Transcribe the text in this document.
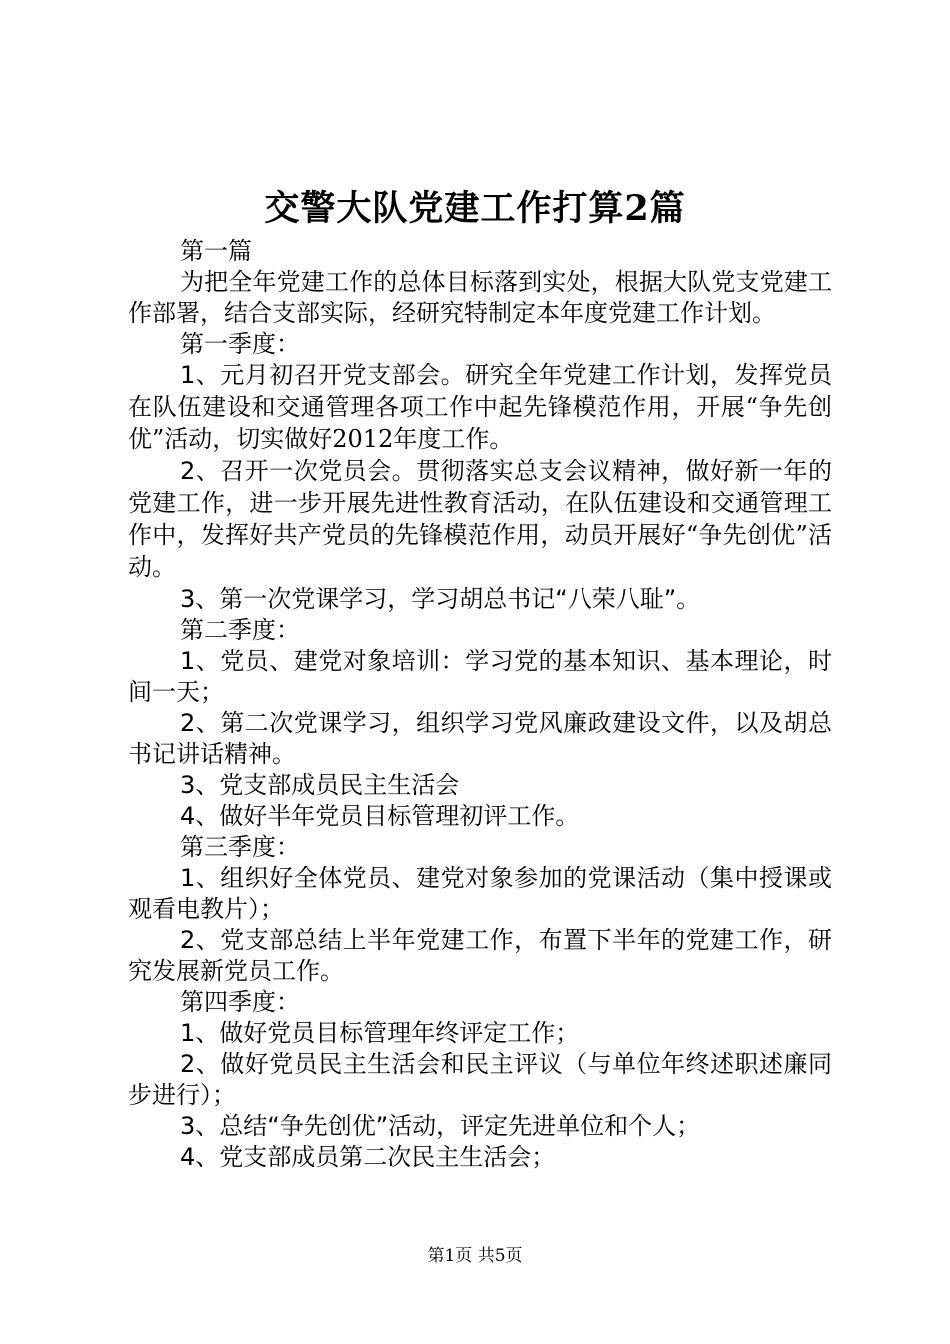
交警大队党建工作打算2篇

第一篇

为把全年党建工作的总体目标落到实处，根据大队党支党建工作部署，结合支部实际，经研究特制定本年度党建工作计划。

第一季度：

1、元月初召开党支部会。研究全年党建工作计划，发挥党员在队伍建设和交通管理各项工作中起先锋模范作用，开展“争先创优”活动，切实做好2012年度工作。

2、召开一次党员会。贯彻落实总支会议精神，做好新一年的党建工作，进一步开展先进性教育活动，在队伍建设和交通管理工作中，发挥好共产党员的先锋模范作用，动员开展好“争先创优”活动。

3、第一次党课学习，学习胡总书记“八荣八耻”。

第二季度：

1、党员、建党对象培训：学习党的基本知识、基本理论，时间一天；

2、第二次党课学习，组织学习党风廉政建设文件，以及胡总书记讲话精神。

3、党支部成员民主生活会

4、做好半年党员目标管理初评工作。

第三季度：

1、组织好全体党员、建党对象参加的党课活动（集中授课或观看电教片）；

2、党支部总结上半年党建工作，布置下半年的党建工作，研究发展新党员工作。

第四季度：

1、做好党员目标管理年终评定工作；

2、做好党员民主生活会和民主评议（与单位年终述职述廉同步进行）；

3、总结“争先创优”活动，评定先进单位和个人；

4、党支部成员第二次民主生活会；

第1页 共5页
